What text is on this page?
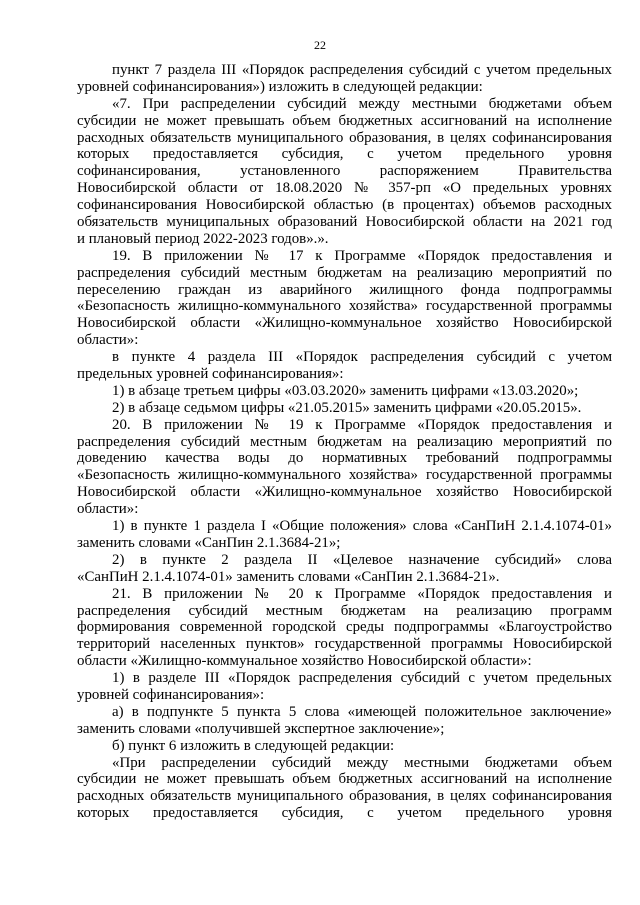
22
пункт 7 раздела III «Порядок распределения субсидий с учетом предельных
уровней софинансирования») изложить в следующей редакции:
«7. При распределении субсидий между местными бюджетами объем
субсидии не может превышать объем бюджетных ассигнований на исполнение
расходных обязательств муниципального образования, в целях софинансирования
которых предоставляется субсидия, с учетом предельного уровня
софинансирования, установленного распоряжением Правительства
Новосибирской области от 18.08.2020 № 357-рп «О предельных уровнях
софинансирования Новосибирской областью (в процентах) объемов расходных
обязательств муниципальных образований Новосибирской области на 2021 год
и плановый период 2022-2023 годов».».
19. В приложении № 17 к Программе «Порядок предоставления и
распределения субсидий местным бюджетам на реализацию мероприятий по
переселению граждан из аварийного жилищного фонда подпрограммы
«Безопасность жилищно-коммунального хозяйства» государственной программы
Новосибирской области «Жилищно-коммунальное хозяйство Новосибирской
области»:
в пункте 4 раздела III «Порядок распределения субсидий с учетом
предельных уровней софинансирования»:
1) в абзаце третьем цифры «03.03.2020» заменить цифрами «13.03.2020»;
2) в абзаце седьмом цифры «21.05.2015» заменить цифрами «20.05.2015».
20. В приложении № 19 к Программе «Порядок предоставления и
распределения субсидий местным бюджетам на реализацию мероприятий по
доведению качества воды до нормативных требований подпрограммы
«Безопасность жилищно-коммунального хозяйства» государственной программы
Новосибирской области «Жилищно-коммунальное хозяйство Новосибирской
области»:
1) в пункте 1 раздела I «Общие положения» слова «СанПиН 2.1.4.1074-01»
заменить словами «СанПин 2.1.3684-21»;
2) в пункте 2 раздела II «Целевое назначение субсидий» слова
«СанПиН 2.1.4.1074-01» заменить словами «СанПин 2.1.3684-21».
21. В приложении № 20 к Программе «Порядок предоставления и
распределения субсидий местным бюджетам на реализацию программ
формирования современной городской среды подпрограммы «Благоустройство
территорий населенных пунктов» государственной программы Новосибирской
области «Жилищно-коммунальное хозяйство Новосибирской области»:
1) в разделе III «Порядок распределения субсидий с учетом предельных
уровней софинансирования»:
а) в подпункте 5 пункта 5 слова «имеющей положительное заключение»
заменить словами «получившей экспертное заключение»;
б) пункт 6 изложить в следующей редакции:
«При распределении субсидий между местными бюджетами объем
субсидии не может превышать объем бюджетных ассигнований на исполнение
расходных обязательств муниципального образования, в целях софинансирования
которых предоставляется субсидия, с учетом предельного уровня
